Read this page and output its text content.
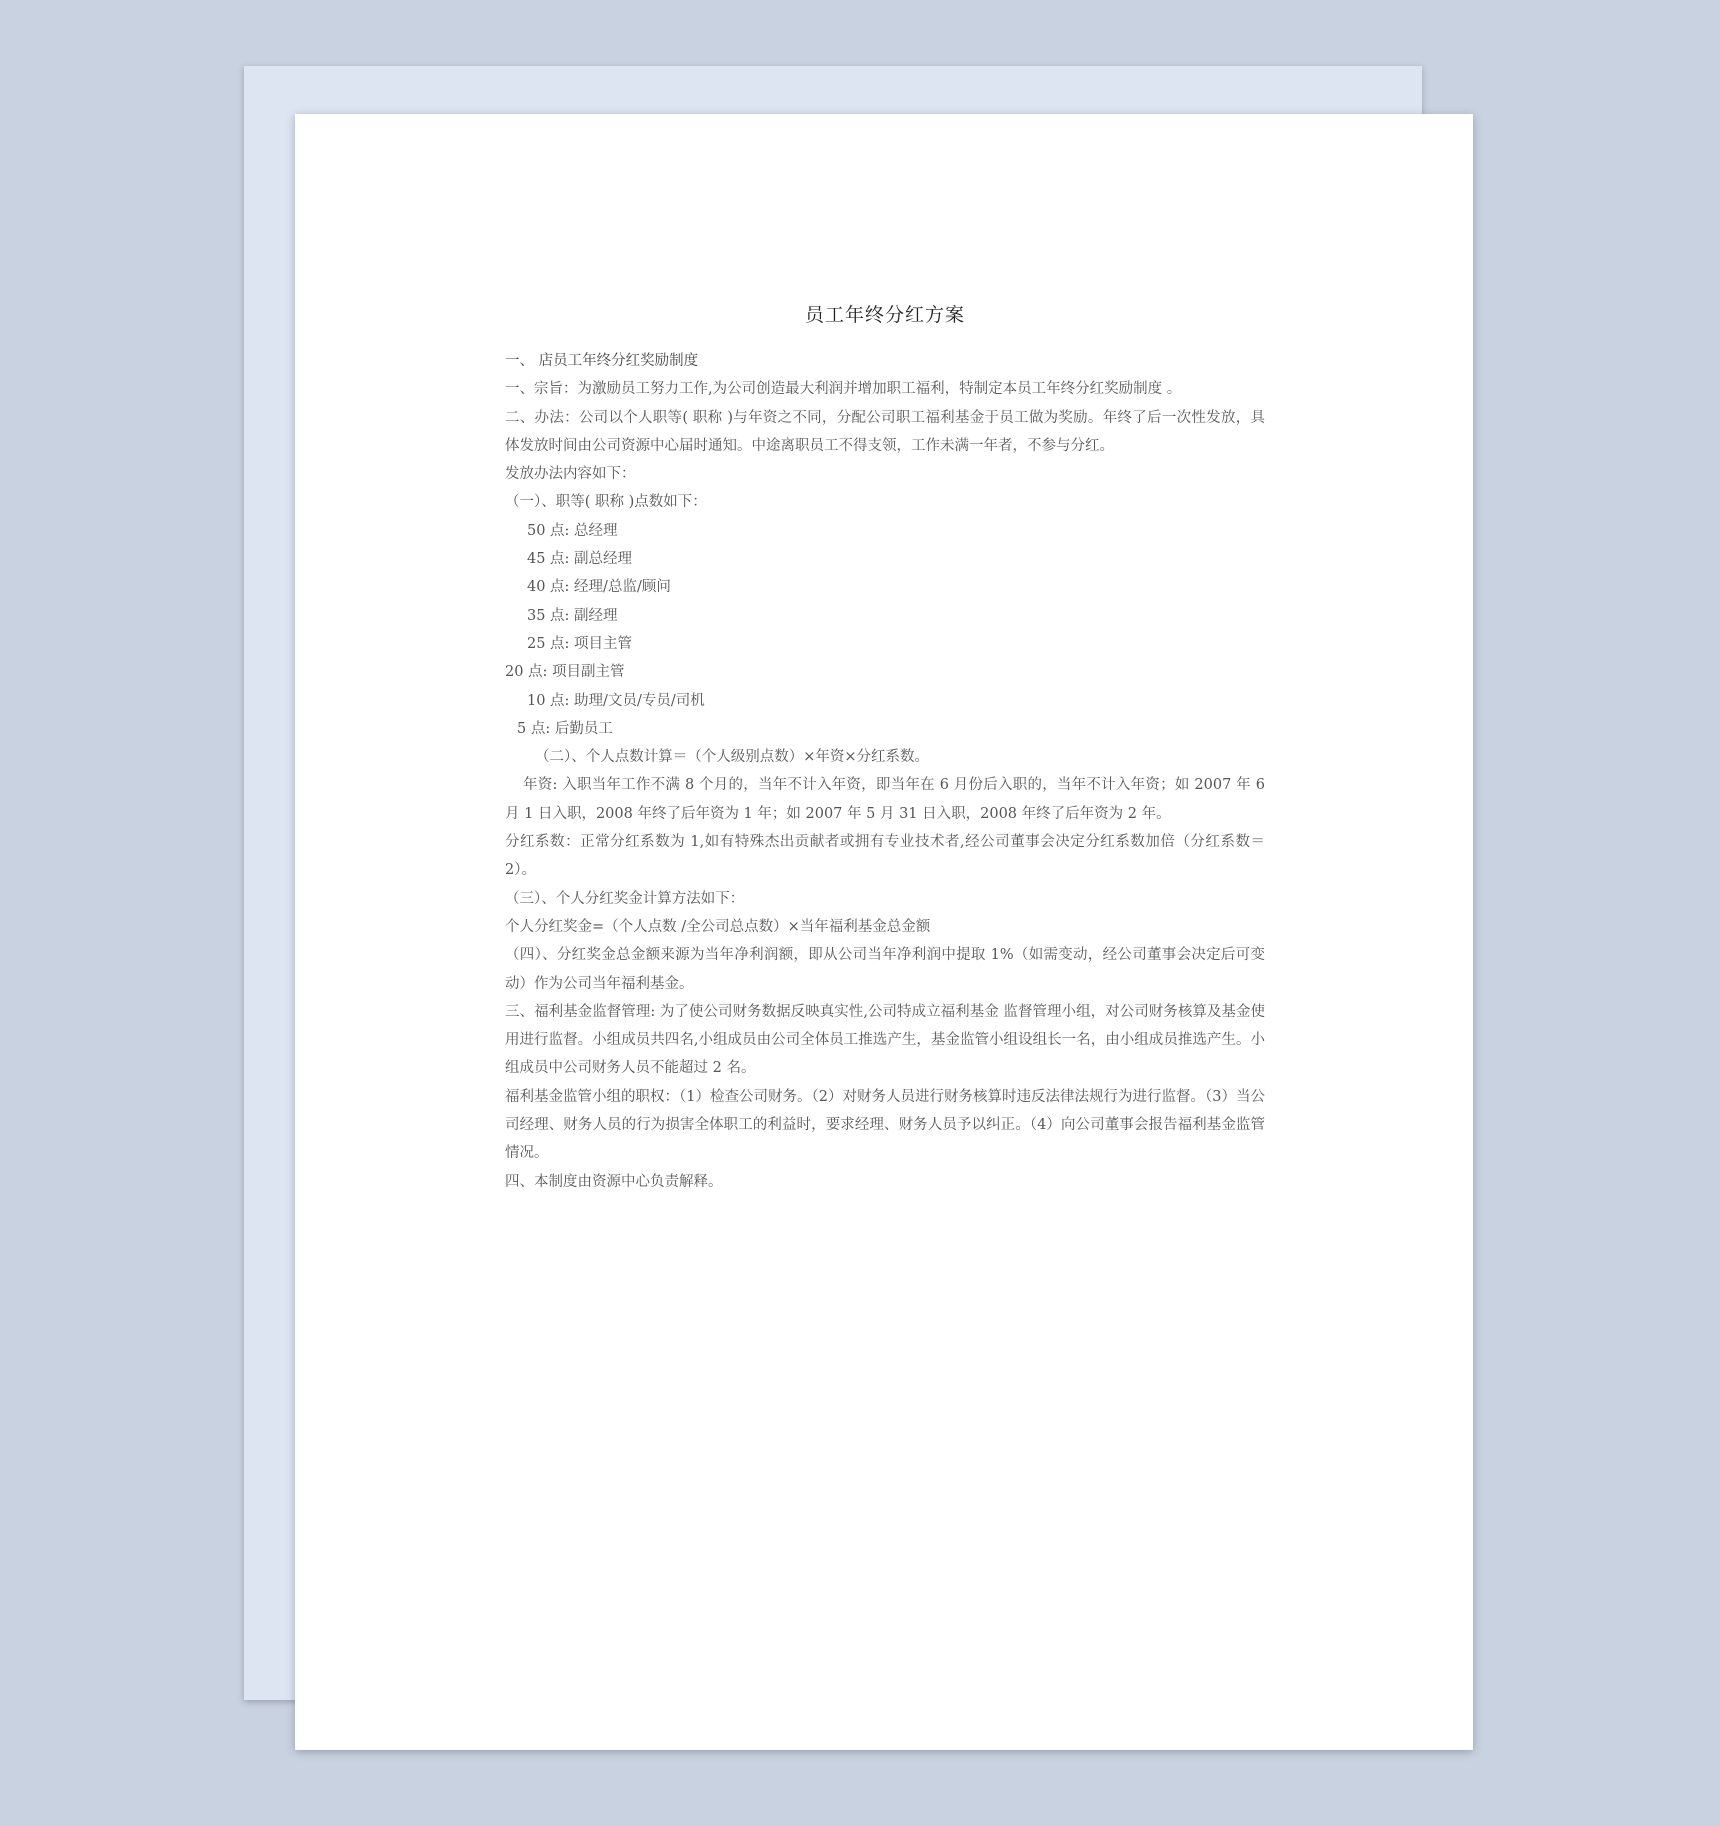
员工年终分红方案

一、 店员工年终分红奖励制度

一、宗旨：为激励员工努力工作,为公司创造最大利润并增加职工福利，特制定本员工年终分红奖励制度 。

二、办法：公司以个人职等( 职称 )与年资之不同，分配公司职工福利基金于员工做为奖励。年终了后一次性发放，具体发放时间由公司资源中心届时通知。中途离职员工不得支领，工作未满一年者，不参与分红。

发放办法内容如下：

（一）、职等( 职称 )点数如下：

50 点: 总经理

45 点: 副总经理

40 点: 经理/总监/顾问

35 点: 副经理

25 点: 项目主管

20 点: 项目副主管

10 点: 助理/文员/专员/司机

5 点: 后勤员工

（二）、个人点数计算＝（个人级别点数）×年资×分红系数。

年资: 入职当年工作不满 8 个月的，当年不计入年资，即当年在 6 月份后入职的，当年不计入年资；如 2007 年 6 月 1 日入职，2008 年终了后年资为 1 年；如 2007 年 5 月 31 日入职，2008 年终了后年资为 2 年。

分红系数：正常分红系数为 1,如有特殊杰出贡献者或拥有专业技术者,经公司董事会决定分红系数加倍（分红系数＝2）。

（三）、个人分红奖金计算方法如下：

个人分红奖金=（个人点数 /全公司总点数）×当年福利基金总金额

（四）、分红奖金总金额来源为当年净利润额，即从公司当年净利润中提取 1%（如需变动，经公司董事会决定后可变动）作为公司当年福利基金。

三、福利基金监督管理: 为了使公司财务数据反映真实性,公司特成立福利基金 监督管理小组，对公司财务核算及基金使用进行监督。小组成员共四名,小组成员由公司全体员工推选产生，基金监管小组设组长一名，由小组成员推选产生。小组成员中公司财务人员不能超过 2 名。

福利基金监管小组的职权：（1）检查公司财务。（2）对财务人员进行财务核算时违反法律法规行为进行监督。（3）当公司经理、财务人员的行为损害全体职工的利益时，要求经理、财务人员予以纠正。（4）向公司董事会报告福利基金监管情况。

四、本制度由资源中心负责解释。
